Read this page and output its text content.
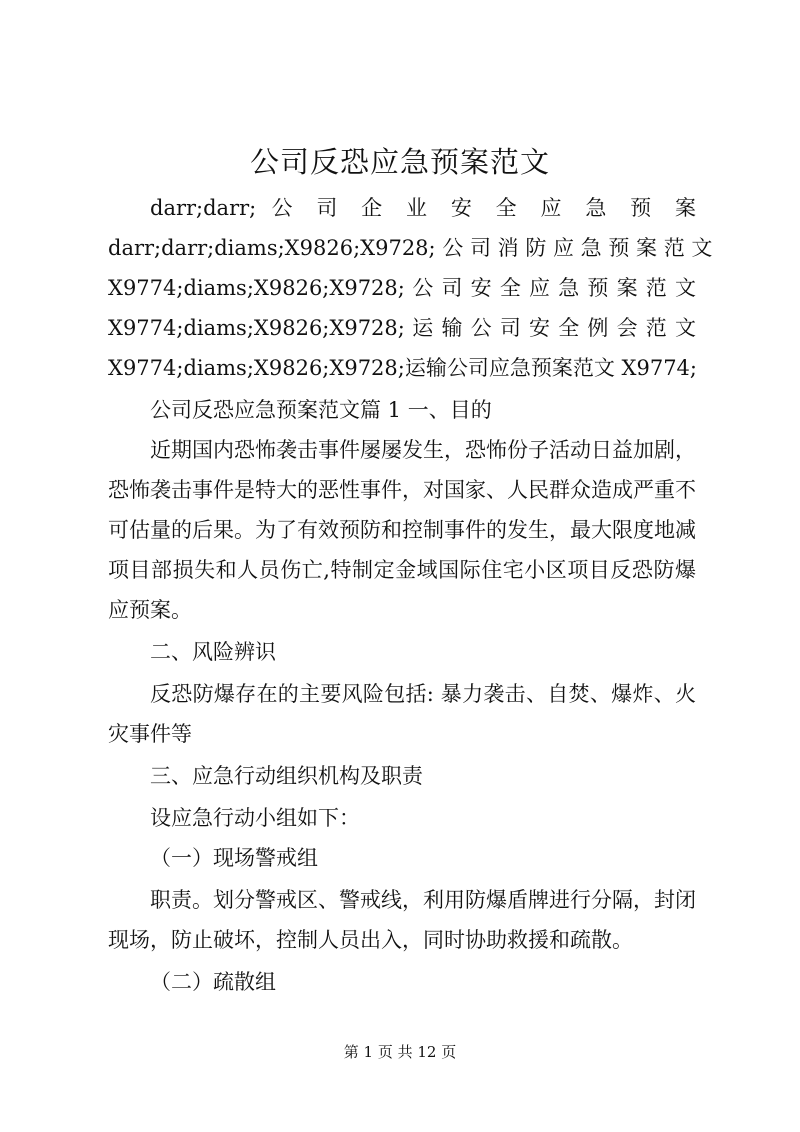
公司反恐应急预案范文
darr;darr; 公 司 企 业 安 全 应 急 预 案
darr;darr;diams;X9826;X9728; 公 司 消 防 应 急 预 案 范 文
X9774;diams;X9826;X9728; 公 司 安 全 应 急 预 案 范 文
X9774;diams;X9826;X9728; 运 输 公 司 安 全 例 会 范 文
X9774;diams;X9826;X9728;运输公司应急预案范文 X9774;
公司反恐应急预案范文篇 1 一、目的
近期国内恐怖袭击事件屡屡发生，恐怖份子活动日益加剧，
恐怖袭击事件是特大的恶性事件，对国家、人民群众造成严重不
可估量的后果。为了有效预防和控制事件的发生，最大限度地减
项目部损失和人员伤亡,特制定金域国际住宅小区项目反恐防爆
应预案。
二、风险辨识
反恐防爆存在的主要风险包括: 暴力袭击、自焚、爆炸、火
灾事件等
三、应急行动组织机构及职责
设应急行动小组如下：
（一）现场警戒组
职责。划分警戒区、警戒线，利用防爆盾牌进行分隔，封闭
现场，防止破坏，控制人员出入，同时协助救援和疏散。
（二）疏散组
第 1 页 共 12 页
